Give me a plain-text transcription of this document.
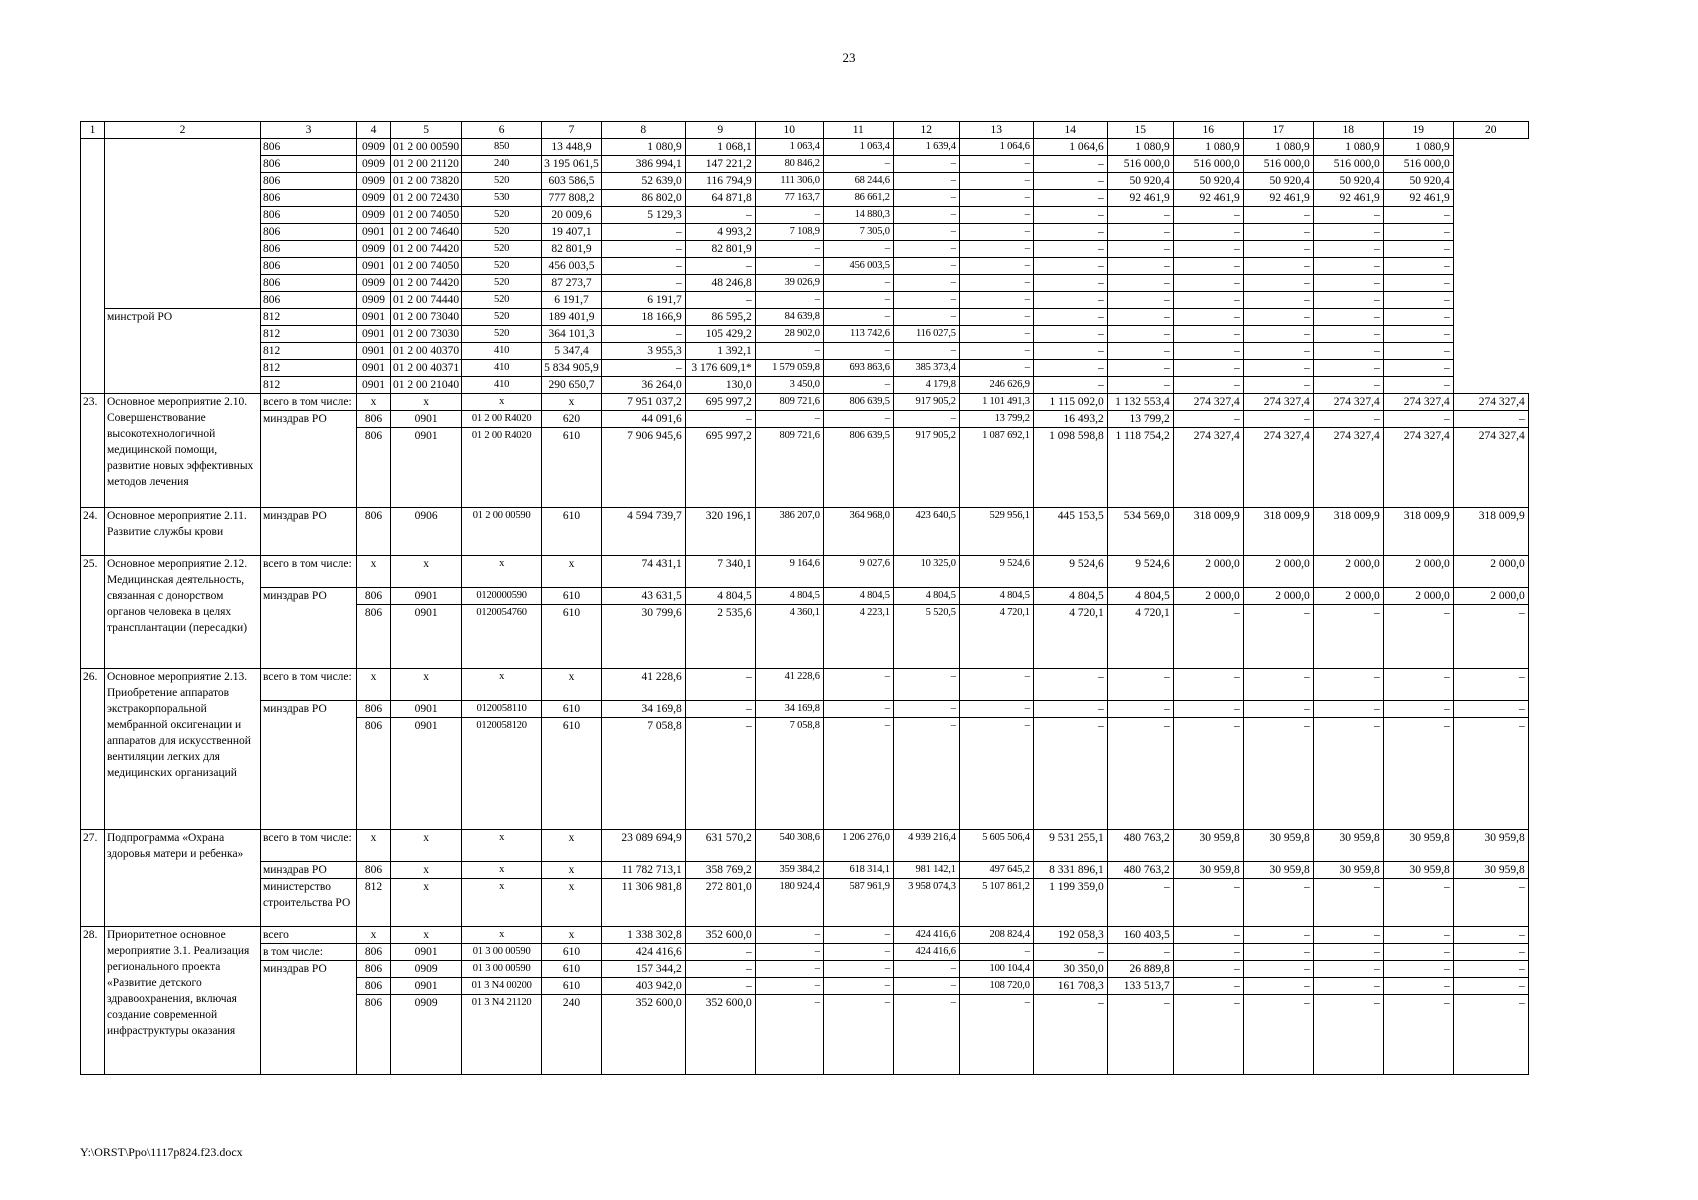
23
1	2	3	4	5	6	7	8	9	10	11	12	13	14	15	16	17	18	19	20
		806	0909	01 2 00 00590	850	13 448,9	1 080,9	1 068,1	1 063,4	1 063,4	1 639,4	1 064,6	1 064,6	1 080,9	1 080,9	1 080,9	1 080,9	1 080,9	
		806	0909	01 2 00 21120	240	3 195 061,5	386 994,1	147 221,2	80 846,2	–	–	–	–	516 000,0	516 000,0	516 000,0	516 000,0	516 000,0	
		806	0909	01 2 00 73820	520	603 586,5	52 639,0	116 794,9	111 306,0	68 244,6	–	–	–	50 920,4	50 920,4	50 920,4	50 920,4	50 920,4	
		806	0909	01 2 00 72430	530	777 808,2	86 802,0	64 871,8	77 163,7	86 661,2	–	–	–	92 461,9	92 461,9	92 461,9	92 461,9	92 461,9	
		806	0909	01 2 00 74050	520	20 009,6	5 129,3	–	–	14 880,3	–	–	–	–	–	–	–	–	
		806	0901	01 2 00 74640	520	19 407,1	–	4 993,2	7 108,9	7 305,0	–	–	–	–	–	–	–	–	
		806	0909	01 2 00 74420	520	82 801,9	–	82 801,9	–	–	–	–	–	–	–	–	–	–	
		806	0901	01 2 00 74050	520	456 003,5	–	–	–	456 003,5	–	–	–	–	–	–	–	–	
		806	0909	01 2 00 74420	520	87 273,7	–	48 246,8	39 026,9	–	–	–	–	–	–	–	–	–	
		806	0909	01 2 00 74440	520	6 191,7	6 191,7	–	–	–	–	–	–	–	–	–	–	–	
	минстрой РО	812	0901	01 2 00 73040	520	189 401,9	18 166,9	86 595,2	84 639,8	–	–	–	–	–	–	–	–	–	
		812	0901	01 2 00 73030	520	364 101,3	–	105 429,2	28 902,0	113 742,6	116 027,5	–	–	–	–	–	–	–	
		812	0901	01 2 00 40370	410	5 347,4	3 955,3	1 392,1	–	–	–	–	–	–	–	–	–	–	
		812	0901	01 2 00 40371	410	5 834 905,9	–	3 176 609,1*	1 579 059,8	693 863,6	385 373,4	–	–	–	–	–	–	–	
		812	0901	01 2 00 21040	410	290 650,7	36 264,0	130,0	3 450,0	–	4 179,8	246 626,9	–	–	–	–	–	–	
23.	Основное мероприятие 2.10. Совершенствование высокотехнологичной медицинской помощи, развитие новых эффективных методов лечения	всего в том числе:	х	х	х	х	7 951 037,2	695 997,2	809 721,6	806 639,5	917 905,2	1 101 491,3	1 115 092,0	1 132 553,4	274 327,4	274 327,4	274 327,4	274 327,4	274 327,4
		минздрав РО	806	0901	01 2 00 R4020	620	44 091,6	–	–	–	–	13 799,2	16 493,2	13 799,2	–	–	–	–	–
			806	0901	01 2 00 R4020	610	7 906 945,6	695 997,2	809 721,6	806 639,5	917 905,2	1 087 692,1	1 098 598,8	1 118 754,2	274 327,4	274 327,4	274 327,4	274 327,4	274 327,4
24.	Основное мероприятие 2.11. Развитие службы крови	минздрав РО	806	0906	01 2 00 00590	610	4 594 739,7	320 196,1	386 207,0	364 968,0	423 640,5	529 956,1	445 153,5	534 569,0	318 009,9	318 009,9	318 009,9	318 009,9	318 009,9
25.	Основное мероприятие 2.12. Медицинская деятельность, связанная с донорством органов человека в целях трансплантации (пересадки)	всего в том числе:	х	х	х	х	74 431,1	7 340,1	9 164,6	9 027,6	10 325,0	9 524,6	9 524,6	9 524,6	2 000,0	2 000,0	2 000,0	2 000,0	2 000,0
		минздрав РО	806	0901	0120000590	610	43 631,5	4 804,5	4 804,5	4 804,5	4 804,5	4 804,5	4 804,5	4 804,5	2 000,0	2 000,0	2 000,0	2 000,0	2 000,0
			806	0901	0120054760	610	30 799,6	2 535,6	4 360,1	4 223,1	5 520,5	4 720,1	4 720,1	4 720,1	–	–	–	–	–
26.	Основное мероприятие 2.13. Приобретение аппаратов экстракорпоральной мембранной оксигенации и аппаратов для искусственной вентиляции легких для медицинских организаций	всего в том числе:	х	х	х	х	41 228,6	–	41 228,6	–	–	–	–	–	–	–	–	–	–
		минздрав РО	806	0901	0120058110	610	34 169,8	–	34 169,8	–	–	–	–	–	–	–	–	–	–
			806	0901	0120058120	610	7 058,8	–	7 058,8	–	–	–	–	–	–	–	–	–	–
27.	Подпрограмма «Охрана здоровья матери и ребенка»	всего в том числе:	х	х	х	х	23 089 694,9	631 570,2	540 308,6	1 206 276,0	4 939 216,4	5 605 506,4	9 531 255,1	480 763,2	30 959,8	30 959,8	30 959,8	30 959,8	30 959,8
		минздрав РО	806	х	х	х	11 782 713,1	358 769,2	359 384,2	618 314,1	981 142,1	497 645,2	8 331 896,1	480 763,2	30 959,8	30 959,8	30 959,8	30 959,8	30 959,8
		министерство строительства РО	812	х	х	х	11 306 981,8	272 801,0	180 924,4	587 961,9	3 958 074,3	5 107 861,2	1 199 359,0	–	–	–	–	–	–
28.	Приоритетное основное мероприятие 3.1. Реализация регионального проекта «Развитие детского здравоохранения, включая создание современной инфраструктуры оказания	всего	х	х	х	х	1 338 302,8	352 600,0	–	–	424 416,6	208 824,4	192 058,3	160 403,5	–	–	–	–	–
		в том числе:	806	0901	01 3 00 00590	610	424 416,6	–	–	–	424 416,6	–	–	–	–	–	–	–	–
		минздрав РО	806	0909	01 3 00 00590	610	157 344,2	–	–	–	–	100 104,4	30 350,0	26 889,8	–	–	–	–	–
			806	0901	01 3 N4 00200	610	403 942,0	–	–	–	–	108 720,0	161 708,3	133 513,7	–	–	–	–	–
			806	0909	01 3 N4 21120	240	352 600,0	352 600,0	–	–	–	–	–	–	–	–	–	–	–
Y:\ORST\Ppo\1117p824.f23.docx
